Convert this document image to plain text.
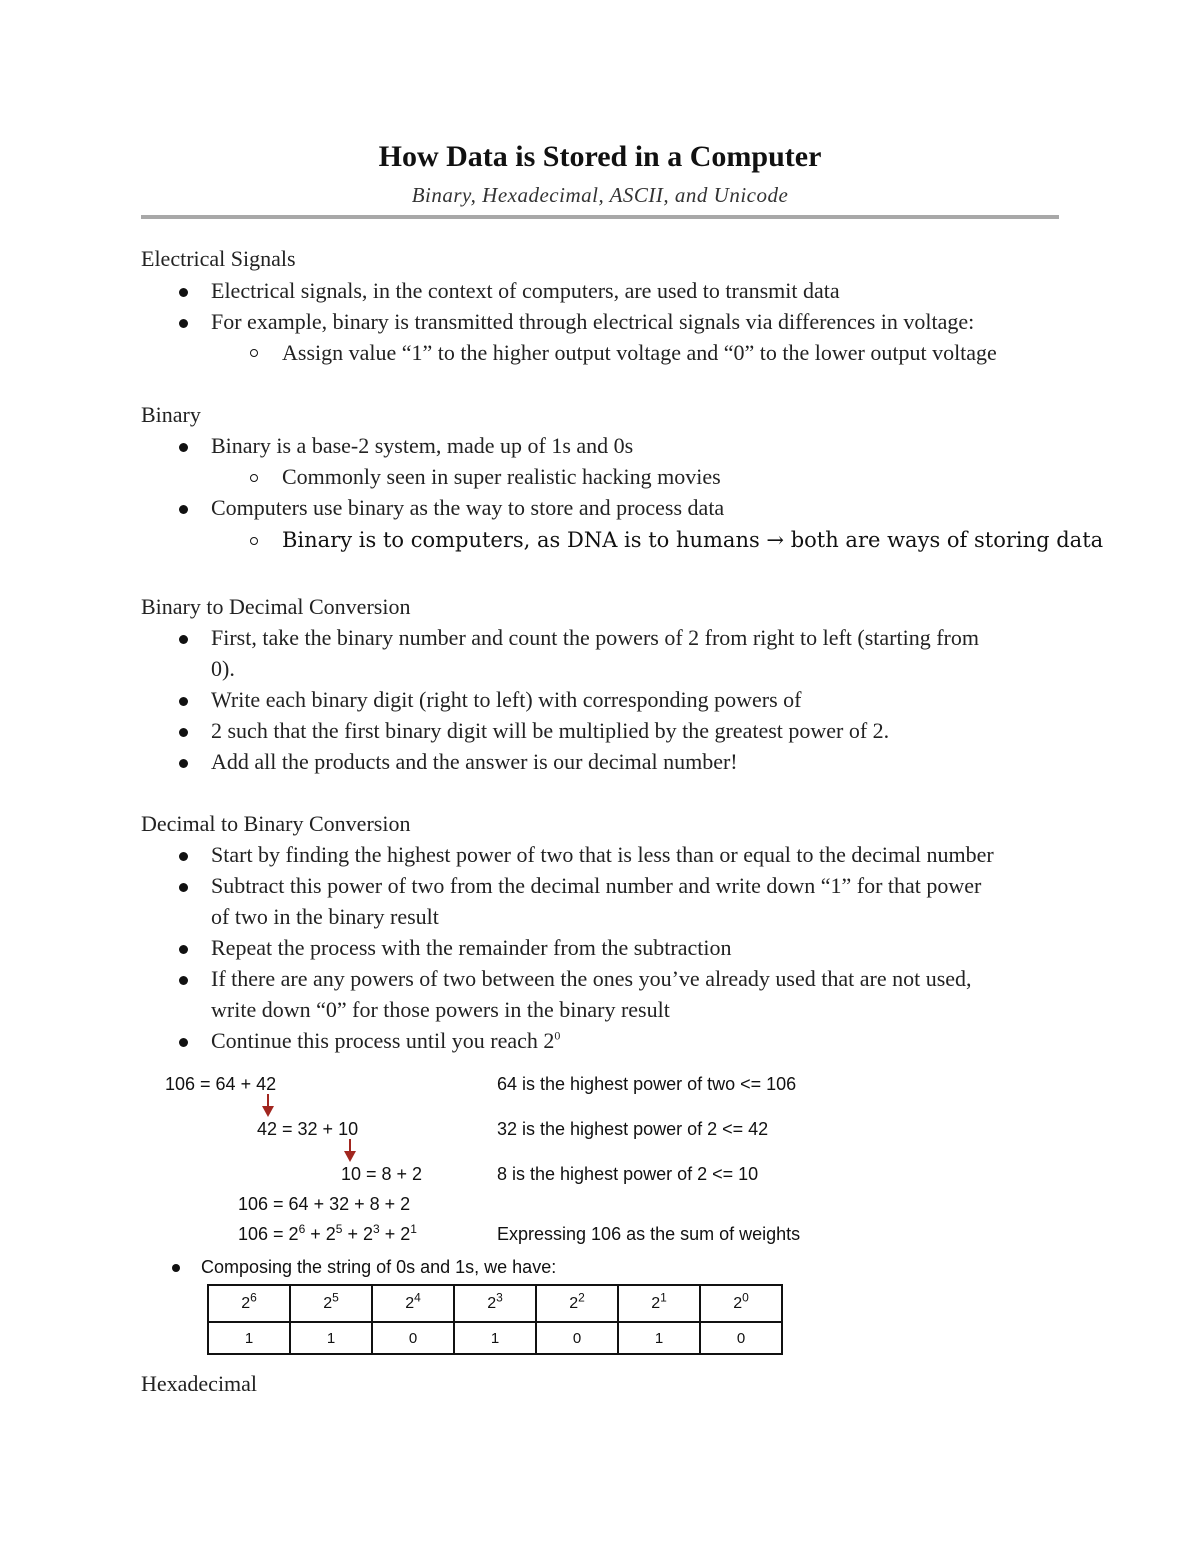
How Data is Stored in a Computer
Binary, Hexadecimal, ASCII, and Unicode
Electrical Signals
Electrical signals, in the context of computers, are used to transmit data
For example, binary is transmitted through electrical signals via differences in voltage:
Assign value “1” to the higher output voltage and “0” to the lower output voltage
Binary
Binary is a base-2 system, made up of 1s and 0s
Commonly seen in super realistic hacking movies
Computers use binary as the way to store and process data
Binary is to computers, as DNA is to humans → both are ways of storing data
Binary to Decimal Conversion
First, take the binary number and count the powers of 2 from right to left (starting from
0).
Write each binary digit (right to left) with corresponding powers of
2 such that the first binary digit will be multiplied by the greatest power of 2.
Add all the products and the answer is our decimal number!
Decimal to Binary Conversion
Start by finding the highest power of two that is less than or equal to the decimal number
Subtract this power of two from the decimal number and write down “1” for that power
of two in the binary result
Repeat the process with the remainder from the subtraction
If there are any powers of two between the ones you’ve already used that are not used,
write down “0” for those powers in the binary result
Continue this process until you reach $2^0$
106 = 64 + 42	64 is the highest power of two <= 106
42 = 32 + 10	32 is the highest power of 2 <= 42
10 = 8 + 2	8 is the highest power of 2 <= 10
106 = 64 + 32 + 8 + 2
$106 = 2^6 + 2^5 + 2^3 + 2^1$	Expressing 106 as the sum of weights
Composing the string of 0s and 1s, we have:
$2^6$	$2^5$	$2^4$	$2^3$	$2^2$	$2^1$	$2^0$
1	1	0	1	0	1	0
Hexadecimal
